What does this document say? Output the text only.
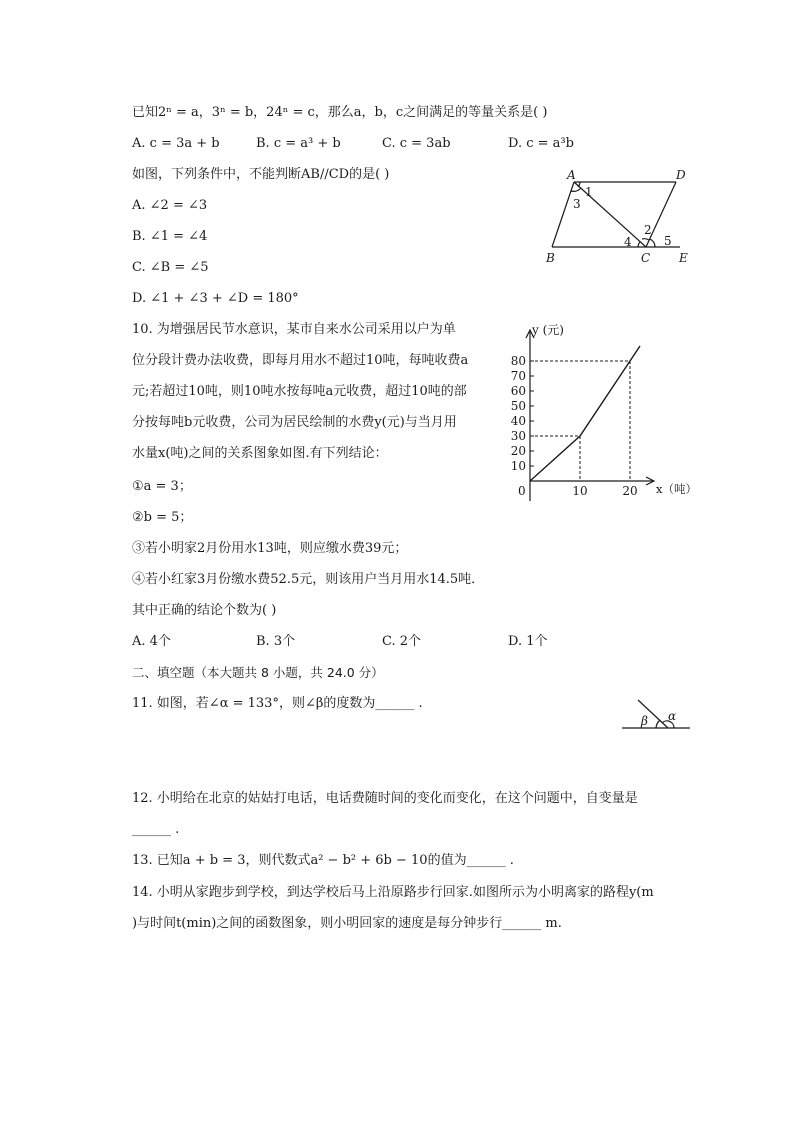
已知2ⁿ = a，3ⁿ = b，24ⁿ = c，那么a，b，c之间满足的等量关系是( )
A. c = 3a + b	B. c = a³ + b	C. c = 3ab	D. c = a³b
如图，下列条件中，不能判断AB//CD的是( )
A. ∠2 = ∠3
B. ∠1 = ∠4
C. ∠B = ∠5
D. ∠1 + ∠3 + ∠D = 180°
A	D
B	C E
1
2
3
4	5
10. 为增强居民节水意识，某市自来水公司采用以户为单
位分段计费办法收费，即每月用水不超过10吨，每吨收费a
元;若超过10吨，则10吨水按每吨a元收费，超过10吨的部
分按每吨b元收费，公司为居民绘制的水费y(元)与当月用
水量x(吨)之间的关系图象如图.有下列结论：
①a = 3；
②b = 5；
③若小明家2月份用水13吨，则应缴水费39元；
④若小红家3月份缴水费52.5元，则该用户当月用水14.5吨．
其中正确的结论个数为( )
A. 4个	B. 3个	C. 2个	D. 1个
y (元)
x（吨）
0
10
20
30
40
50
60
70
80
10	20
二、填空题（本大题共 8 小题，共 24.0 分）
11. 如图，若∠α = 133°，则∠β的度数为______ .
β α
12. 小明给在北京的姑姑打电话，电话费随时间的变化而变化，在这个问题中，自变量是
______ .
13. 已知a + b = 3，则代数式a² − b² + 6b − 10的值为______ .
14. 小明从家跑步到学校，到达学校后马上沿原路步行回家.如图所示为小明离家的路程y(m
)与时间t(min)之间的函数图象，则小明回家的速度是每分钟步行______ m.
